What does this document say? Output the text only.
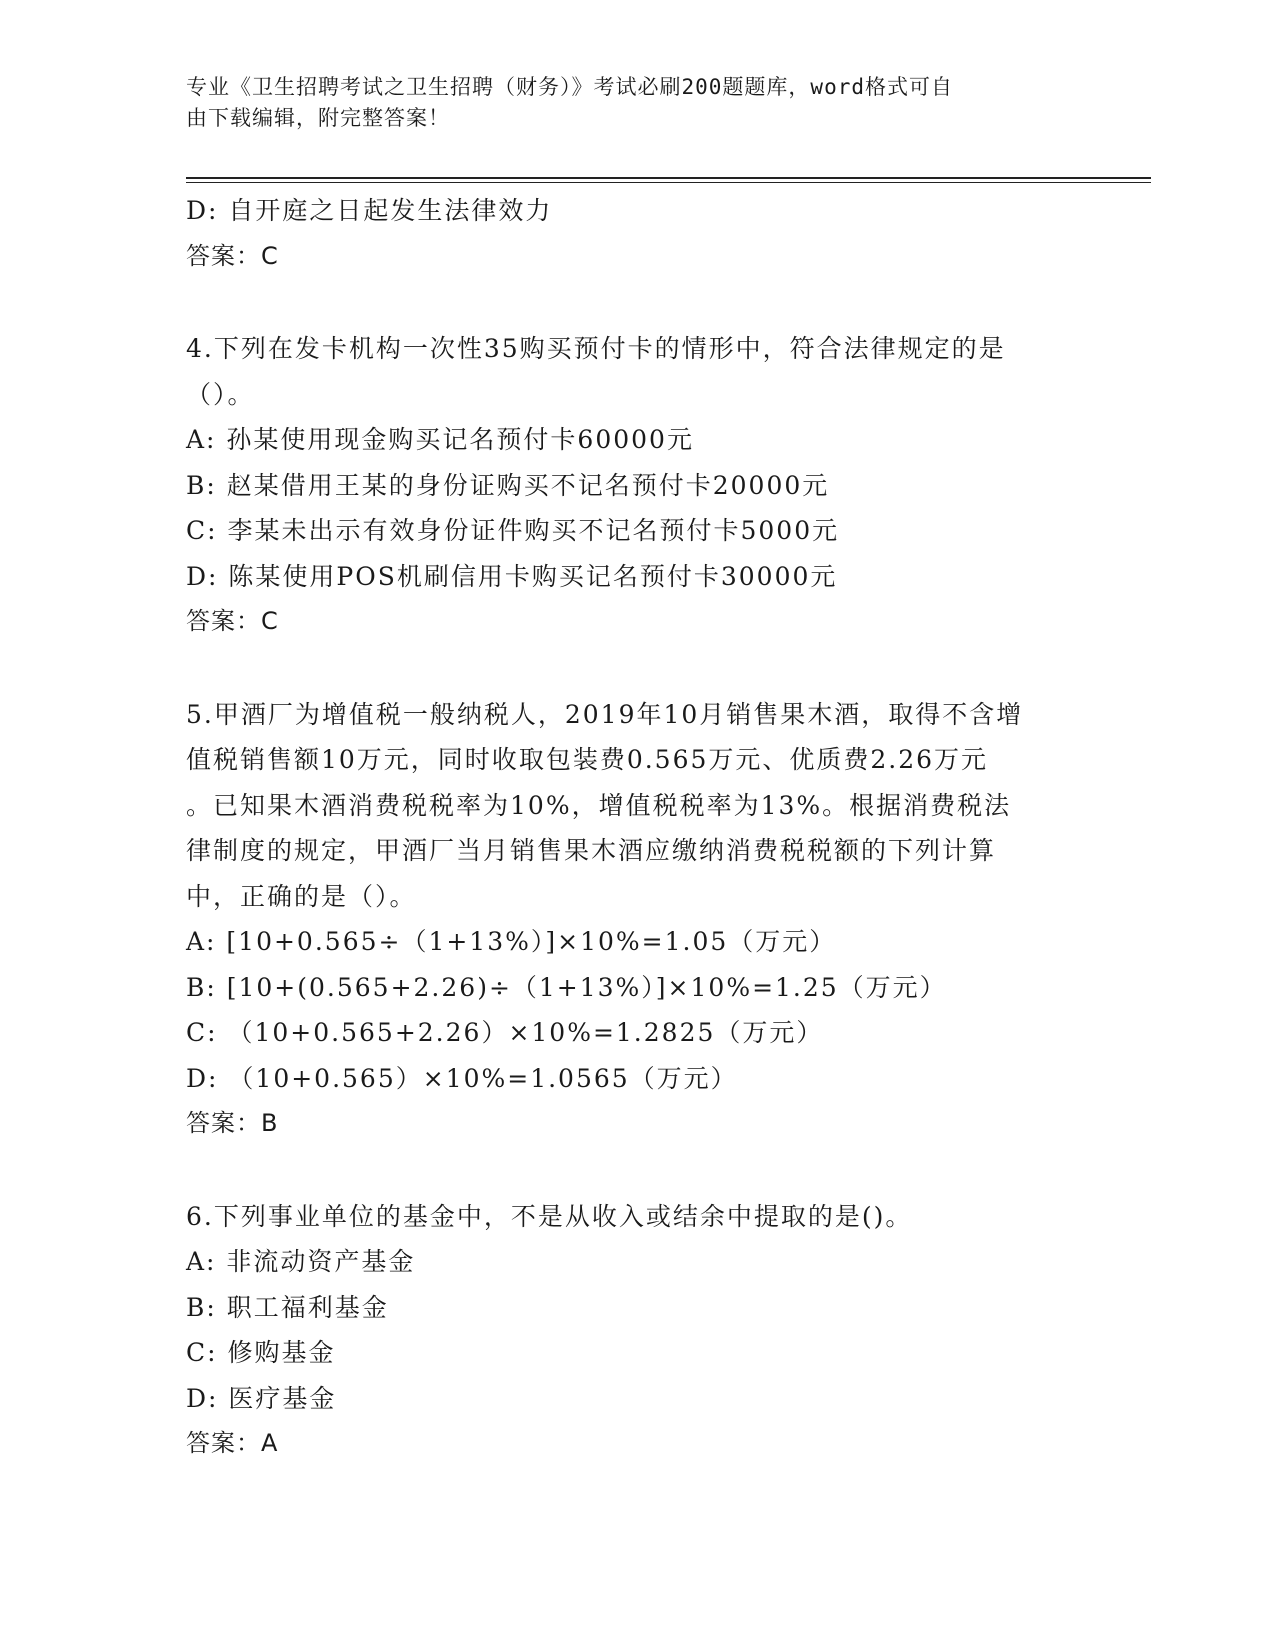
专业《卫生招聘考试之卫生招聘（财务）》考试必刷200题题库，word格式可自
由下载编辑，附完整答案！
D: 自开庭之日起发生法律效力
答案：C
4.下列在发卡机构一次性35购买预付卡的情形中，符合法律规定的是
（）。
A: 孙某使用现金购买记名预付卡60000元
B: 赵某借用王某的身份证购买不记名预付卡20000元
C: 李某未出示有效身份证件购买不记名预付卡5000元
D: 陈某使用POS机刷信用卡购买记名预付卡30000元
答案：C
5.甲酒厂为增值税一般纳税人，2019年10月销售果木酒，取得不含增
值税销售额10万元，同时收取包装费0.565万元、优质费2.26万元
。已知果木酒消费税税率为10%，增值税税率为13%。根据消费税法
律制度的规定，甲酒厂当月销售果木酒应缴纳消费税税额的下列计算
中，正确的是（）。
A: [10+0.565÷（1+13%）]×10%=1.05（万元）
B: [10+(0.565+2.26)÷（1+13%）]×10%=1.25（万元）
C: （10+0.565+2.26）×10%=1.2825（万元）
D: （10+0.565）×10%=1.0565（万元）
答案：B
6.下列事业单位的基金中，不是从收入或结余中提取的是()。
A: 非流动资产基金
B: 职工福利基金
C: 修购基金
D: 医疗基金
答案：A
